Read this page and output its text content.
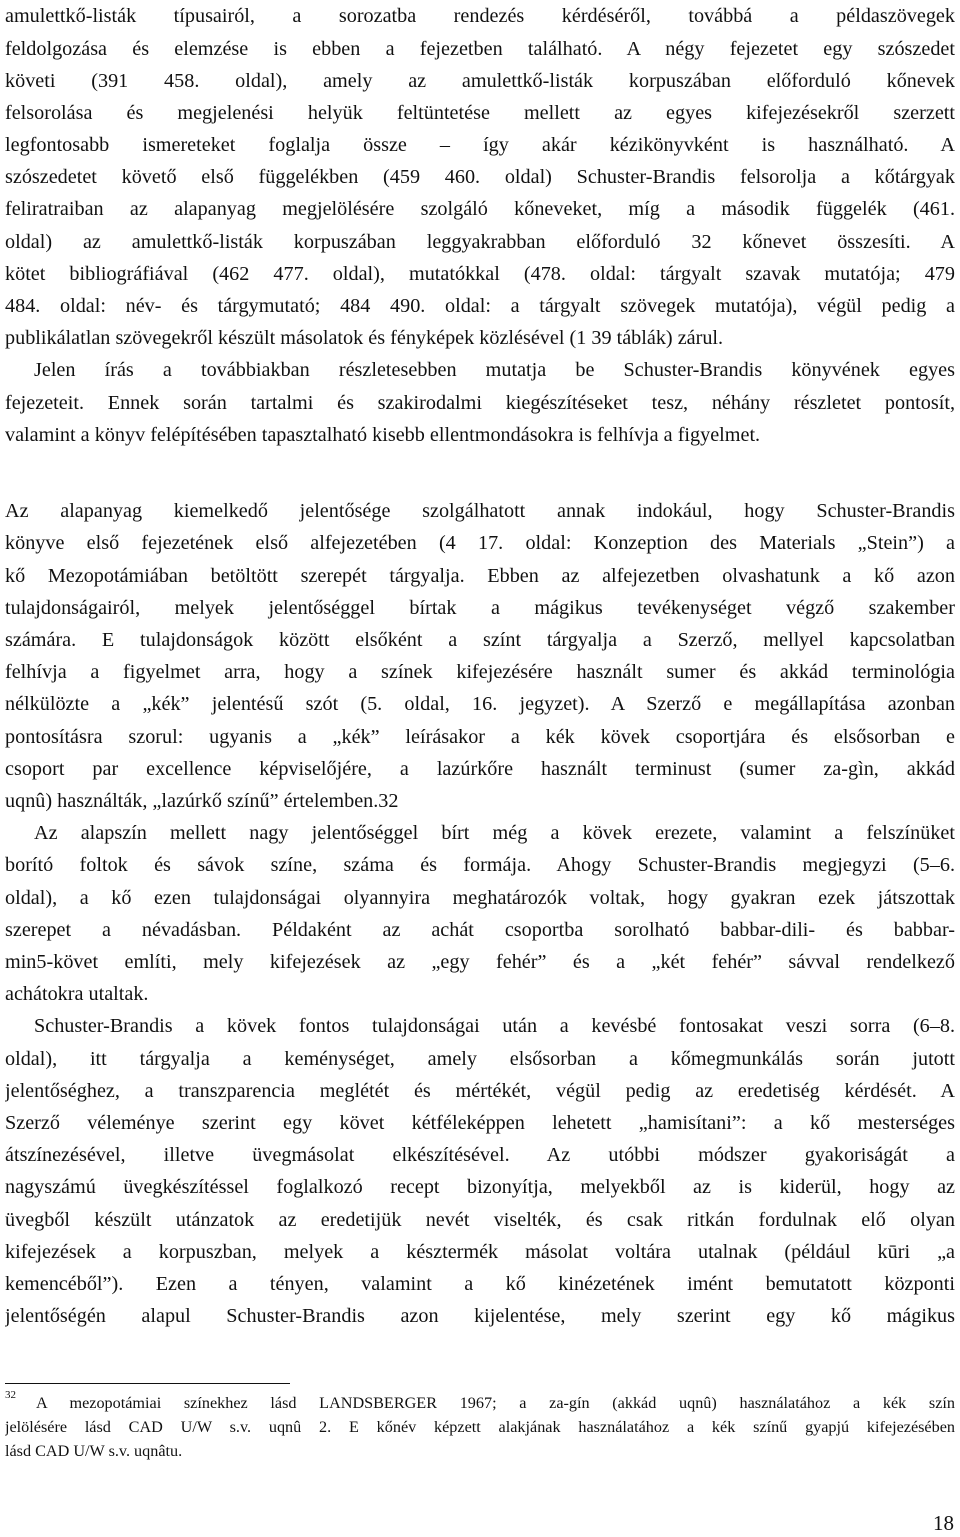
amulettkő-listák típusairól, a sorozatba rendezés kérdéséről, továbbá a példaszövegek
feldolgozása és elemzése is ebben a fejezetben található. A négy fejezetet egy szószedet
követi (391 458. oldal), amely az amulettkő-listák korpuszában előforduló kőnevek
felsorolása és megjelenési helyük feltüntetése mellett az egyes kifejezésekről szerzett
legfontosabb ismereteket foglalja össze – így akár kézikönyvként is használható. A
szószedetet követő első függelékben (459 460. oldal) Schuster-Brandis felsorolja a kőtárgyak
feliratraiban az alapanyag megjelölésére szolgáló kőneveket, míg a második függelék (461.
oldal) az amulettkő-listák korpuszában leggyakrabban előforduló 32 kőnevet összesíti. A
kötet bibliográfiával (462 477. oldal), mutatókkal (478. oldal: tárgyalt szavak mutatója; 479
484. oldal: név- és tárgymutató; 484 490. oldal: a tárgyalt szövegek mutatója), végül pedig a
publikálatlan szövegekről készült másolatok és fényképek közlésével (1 39 táblák) zárul.
Jelen írás a továbbiakban részletesebben mutatja be Schuster-Brandis könyvének egyes
fejezeteit. Ennek során tartalmi és szakirodalmi kiegészítéseket tesz, néhány részletet pontosít,
valamint a könyv felépítésében tapasztalható kisebb ellentmondásokra is felhívja a figyelmet.
Az alapanyag kiemelkedő jelentősége szolgálhatott annak indokául, hogy Schuster-Brandis
könyve első fejezetének első alfejezetében (4 17. oldal: Konzeption des Materials „Stein”) a
kő Mezopotámiában betöltött szerepét tárgyalja. Ebben az alfejezetben olvashatunk a kő azon
tulajdonságairól, melyek jelentőséggel bírtak a mágikus tevékenységet végző szakember
számára. E tulajdonságok között elsőként a színt tárgyalja a Szerző, mellyel kapcsolatban
felhívja a figyelmet arra, hogy a színek kifejezésére használt sumer és akkád terminológia
nélkülözte a „kék” jelentésű szót (5. oldal, 16. jegyzet). A Szerző e megállapítása azonban
pontosításra szorul: ugyanis a „kék” leírásakor a kék kövek csoportjára és elsősorban e
csoport par excellence képviselőjére, a lazúrkőre használt terminust (sumer za-gìn, akkád
uqnû) használták, „lazúrkő színű” értelemben.32
Az alapszín mellett nagy jelentőséggel bírt még a kövek erezete, valamint a felszínüket
borító foltok és sávok színe, száma és formája. Ahogy Schuster-Brandis megjegyzi (5–6.
oldal), a kő ezen tulajdonságai olyannyira meghatározók voltak, hogy gyakran ezek játszottak
szerepet a névadásban. Példaként az achát csoportba sorolható babbar-dili- és babbar-
min5-követ említi, mely kifejezések az „egy fehér” és a „két fehér” sávval rendelkező
achátokra utaltak.
Schuster-Brandis a kövek fontos tulajdonságai után a kevésbé fontosakat veszi sorra (6–8.
oldal), itt tárgyalja a keménységet, amely elsősorban a kőmegmunkálás során jutott
jelentőséghez, a transzparencia meglétét és mértékét, végül pedig az eredetiség kérdését. A
Szerző véleménye szerint egy követ kétféleképpen lehetett „hamisítani”: a kő mesterséges
átszínezésével, illetve üvegmásolat elkészítésével. Az utóbbi módszer gyakoriságát a
nagyszámú üvegkészítéssel foglalkozó recept bizonyítja, melyekből az is kiderül, hogy az
üvegből készült utánzatok az eredetijük nevét viselték, és csak ritkán fordulnak elő olyan
kifejezések a korpuszban, melyek a késztermék másolat voltára utalnak (például kūri „a
kemencéből”). Ezen a tényen, valamint a kő kinézetének imént bemutatott központi
jelentőségén alapul Schuster-Brandis azon kijelentése, mely szerint egy kő mágikus
32 A mezopotámiai színekhez lásd LANDSBERGER 1967; a za-gín (akkád uqnû) használatához a kék szín
jelölésére lásd CAD U/W s.v. uqnû 2. E kőnév képzett alakjának használatához a kék színű gyapjú kifejezésében
lásd CAD U/W s.v. uqnâtu.
18
